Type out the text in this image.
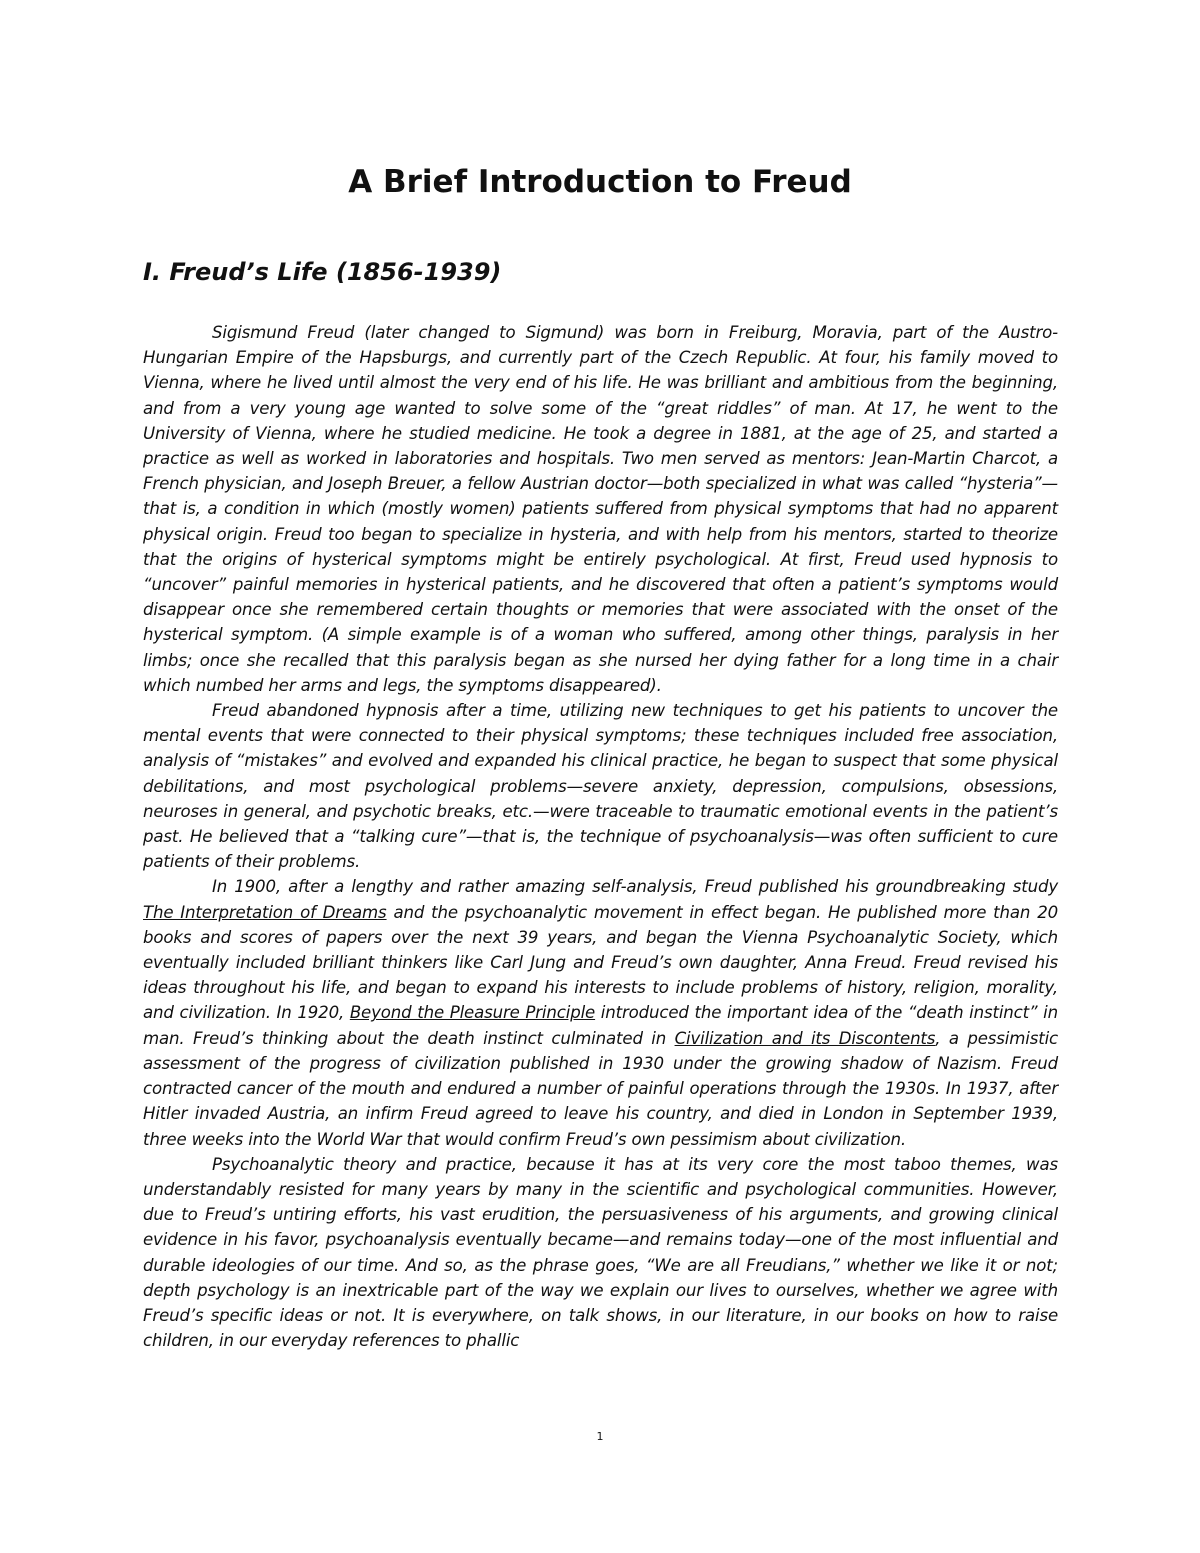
A Brief Introduction to Freud
I. Freud’s Life (1856-1939)

Sigismund Freud (later changed to Sigmund) was born in Freiburg, Moravia, part of the Austro-Hungarian Empire of the Hapsburgs, and currently part of the Czech Republic. At four, his family moved to Vienna, where he lived until almost the very end of his life. He was brilliant and ambitious from the beginning, and from a very young age wanted to solve some of the “great riddles” of man. At 17, he went to the University of Vienna, where he studied medicine. He took a degree in 1881, at the age of 25, and started a practice as well as worked in laboratories and hospitals. Two men served as mentors: Jean-Martin Charcot, a French physician, and Joseph Breuer, a fellow Austrian doctor—both specialized in what was called “hysteria”—that is, a condition in which (mostly women) patients suffered from physical symptoms that had no apparent physical origin. Freud too began to specialize in hysteria, and with help from his mentors, started to theorize that the origins of hysterical symptoms might be entirely psychological. At first, Freud used hypnosis to “uncover” painful memories in hysterical patients, and he discovered that often a patient’s symptoms would disappear once she remembered certain thoughts or memories that were associated with the onset of the hysterical symptom. (A simple example is of a woman who suffered, among other things, paralysis in her limbs; once she recalled that this paralysis began as she nursed her dying father for a long time in a chair which numbed her arms and legs, the symptoms disappeared).

Freud abandoned hypnosis after a time, utilizing new techniques to get his patients to uncover the mental events that were connected to their physical symptoms; these techniques included free association, analysis of “mistakes” and evolved and expanded his clinical practice, he began to suspect that some physical debilitations, and most psychological problems—severe anxiety, depression, compulsions, obsessions, neuroses in general, and psychotic breaks, etc.—were traceable to traumatic emotional events in the patient’s past. He believed that a “talking cure”—that is, the technique of psychoanalysis—was often sufficient to cure patients of their problems.

In 1900, after a lengthy and rather amazing self-analysis, Freud published his groundbreaking study The Interpretation of Dreams and the psychoanalytic movement in effect began. He published more than 20 books and scores of papers over the next 39 years, and began the Vienna Psychoanalytic Society, which eventually included brilliant thinkers like Carl Jung and Freud’s own daughter, Anna Freud. Freud revised his ideas throughout his life, and began to expand his interests to include problems of history, religion, morality, and civilization. In 1920, Beyond the Pleasure Principle introduced the important idea of the “death instinct” in man. Freud’s thinking about the death instinct culminated in Civilization and its Discontents, a pessimistic assessment of the progress of civilization published in 1930 under the growing shadow of Nazism. Freud contracted cancer of the mouth and endured a number of painful operations through the 1930s. In 1937, after Hitler invaded Austria, an infirm Freud agreed to leave his country, and died in London in September 1939, three weeks into the World War that would confirm Freud’s own pessimism about civilization.

Psychoanalytic theory and practice, because it has at its very core the most taboo themes, was understandably resisted for many years by many in the scientific and psychological communities. However, due to Freud’s untiring efforts, his vast erudition, the persuasiveness of his arguments, and growing clinical evidence in his favor, psychoanalysis eventually became—and remains today—one of the most influential and durable ideologies of our time. And so, as the phrase goes, “We are all Freudians,” whether we like it or not; depth psychology is an inextricable part of the way we explain our lives to ourselves, whether we agree with Freud’s specific ideas or not. It is everywhere, on talk shows, in our literature, in our books on how to raise children, in our everyday references to phallic

1
